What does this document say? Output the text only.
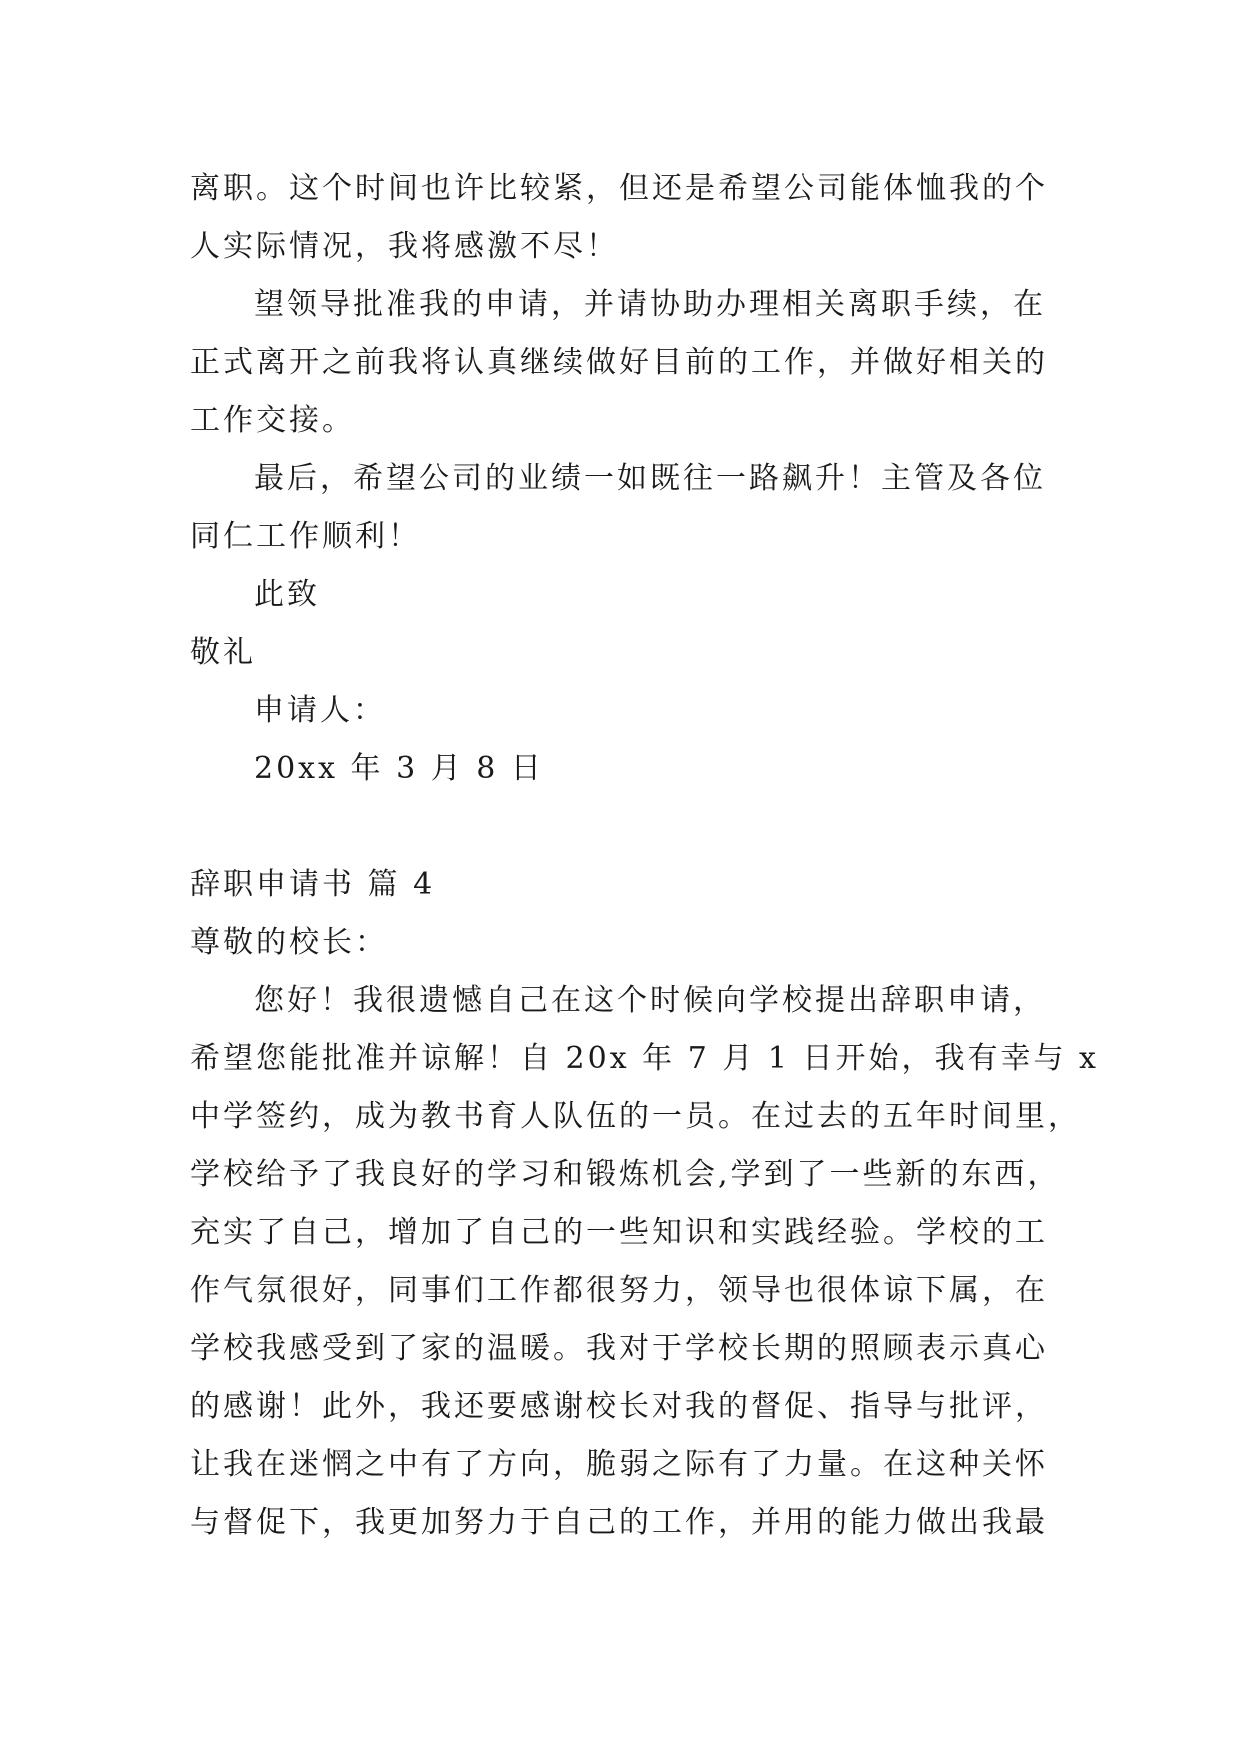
离职。这个时间也许比较紧，但还是希望公司能体恤我的个
人实际情况，我将感激不尽！
望领导批准我的申请，并请协助办理相关离职手续，在
正式离开之前我将认真继续做好目前的工作，并做好相关的
工作交接。
最后，希望公司的业绩一如既往一路飙升！主管及各位
同仁工作顺利！
此致
敬礼
申请人：
20xx 年 3 月 8 日
辞职申请书 篇 4
尊敬的校长：
您好！我很遗憾自己在这个时候向学校提出辞职申请，
希望您能批准并谅解！自 20x 年 7 月 1 日开始，我有幸与 x
中学签约，成为教书育人队伍的一员。在过去的五年时间里，
学校给予了我良好的学习和锻炼机会,学到了一些新的东西，
充实了自己，增加了自己的一些知识和实践经验。学校的工
作气氛很好，同事们工作都很努力，领导也很体谅下属，在
学校我感受到了家的温暖。我对于学校长期的照顾表示真心
的感谢！此外，我还要感谢校长对我的督促、指导与批评，
让我在迷惘之中有了方向，脆弱之际有了力量。在这种关怀
与督促下，我更加努力于自己的工作，并用的能力做出我最
